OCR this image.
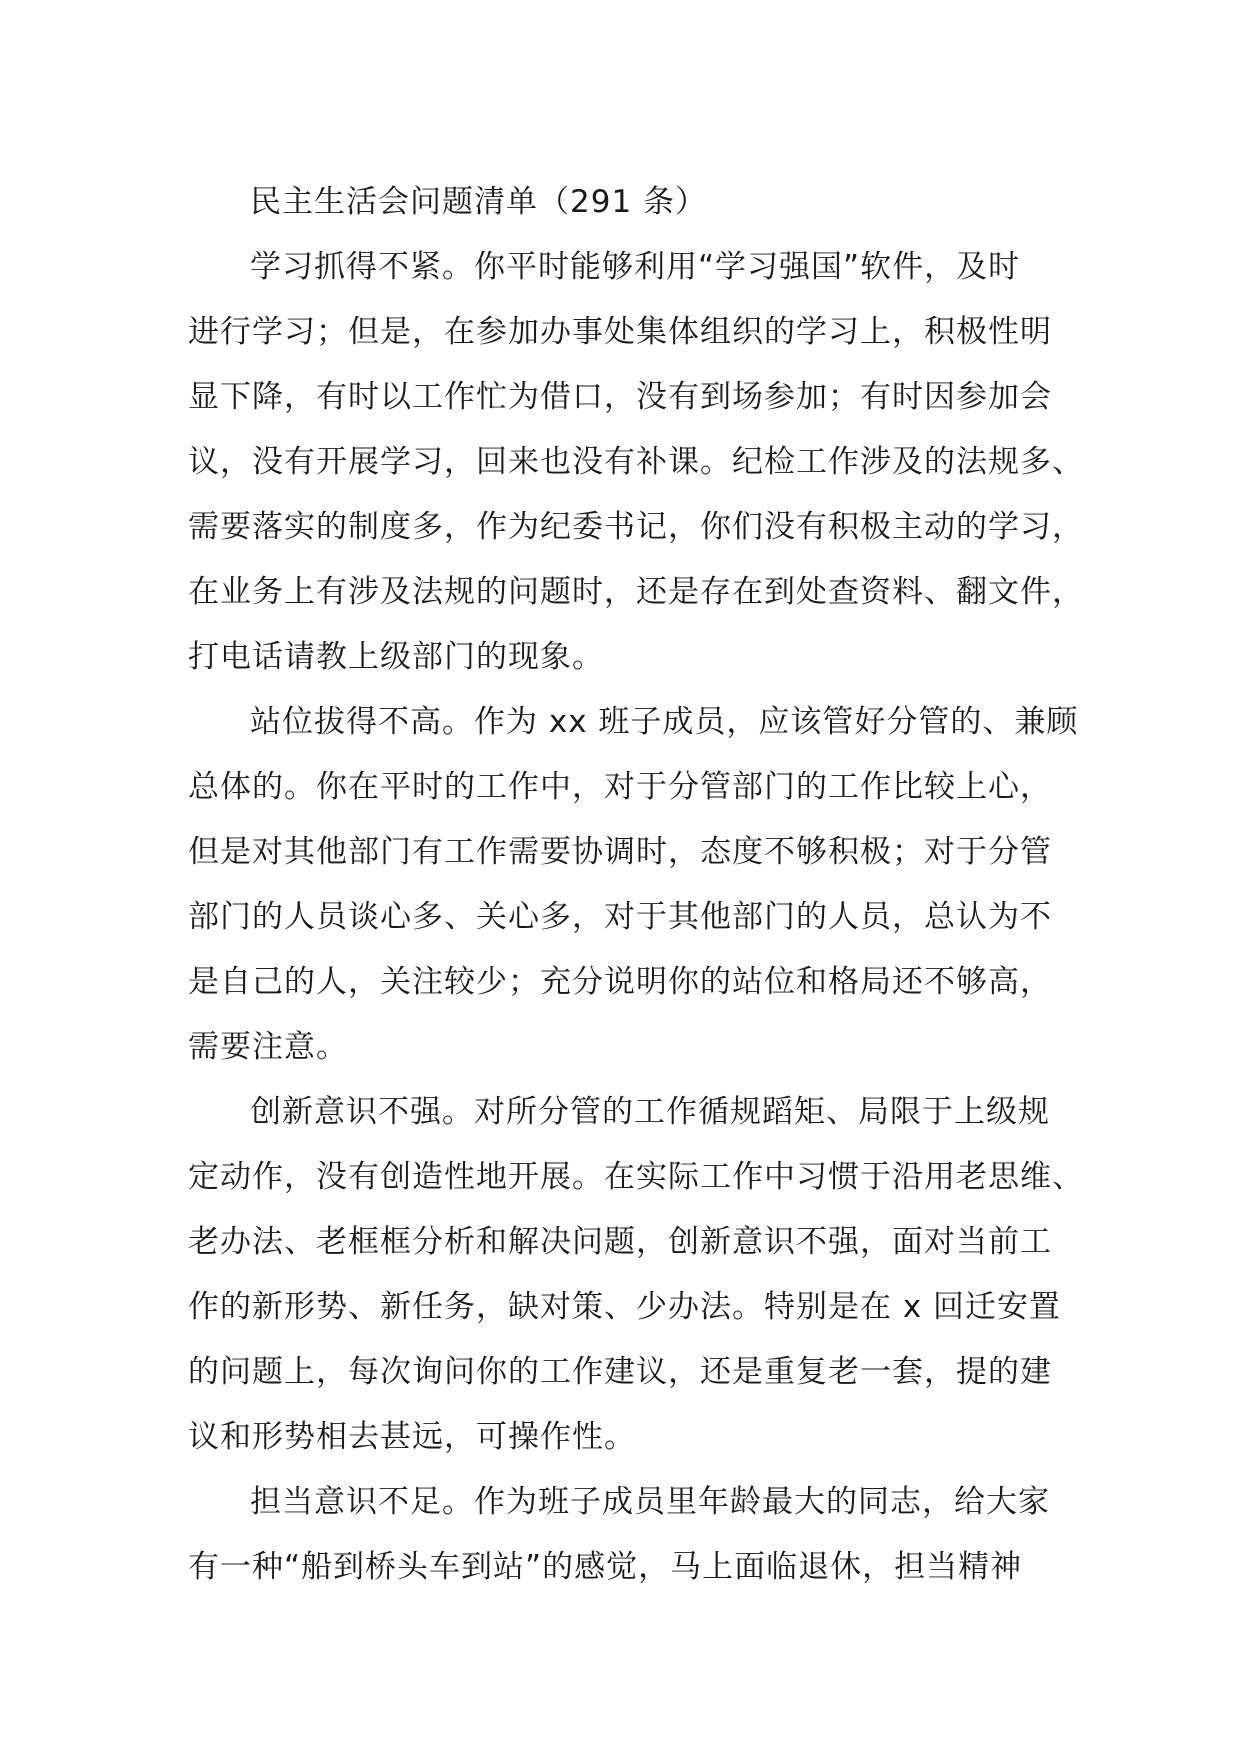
民主生活会问题清单（291 条）
学习抓得不紧。你平时能够利用“学习强国”软件，及时
进行学习；但是，在参加办事处集体组织的学习上，积极性明
显下降，有时以工作忙为借口，没有到场参加；有时因参加会
议，没有开展学习，回来也没有补课。纪检工作涉及的法规多、
需要落实的制度多，作为纪委书记，你们没有积极主动的学习，
在业务上有涉及法规的问题时，还是存在到处查资料、翻文件，
打电话请教上级部门的现象。
站位拔得不高。作为 xx 班子成员，应该管好分管的、兼顾
总体的。你在平时的工作中，对于分管部门的工作比较上心，
但是对其他部门有工作需要协调时，态度不够积极；对于分管
部门的人员谈心多、关心多，对于其他部门的人员，总认为不
是自己的人，关注较少；充分说明你的站位和格局还不够高，
需要注意。
创新意识不强。对所分管的工作循规蹈矩、局限于上级规
定动作，没有创造性地开展。在实际工作中习惯于沿用老思维、
老办法、老框框分析和解决问题，创新意识不强，面对当前工
作的新形势、新任务，缺对策、少办法。特别是在 x 回迁安置
的问题上，每次询问你的工作建议，还是重复老一套，提的建
议和形势相去甚远，可操作性。
担当意识不足。作为班子成员里年龄最大的同志，给大家
有一种“船到桥头车到站”的感觉，马上面临退休，担当精神
